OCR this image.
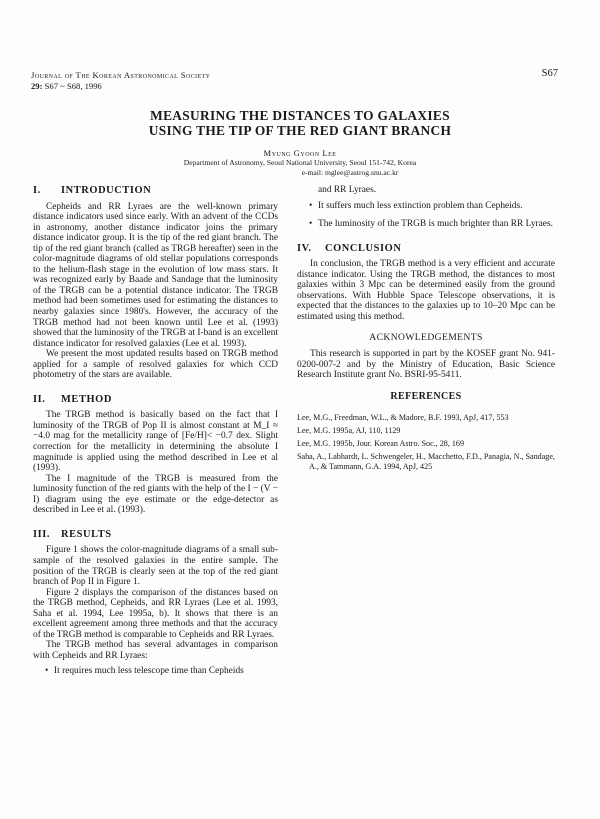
Journal of The Korean Astronomical Society
29: S67 ~ S68, 1996
S67
MEASURING THE DISTANCES TO GALAXIES
USING THE TIP OF THE RED GIANT BRANCH
Myung Gyoon Lee
Department of Astronomy, Seoul National University, Seoul 151-742, Korea
e-mail: mglee@astrog.snu.ac.kr
I. INTRODUCTION

Cepheids and RR Lyraes are the well-known primary distance indicators used since early. With an advent of the CCDs in astronomy, another distance indicator joins the primary distance indicator group. It is the tip of the red giant branch. The tip of the red giant branch (called as TRGB hereafter) seen in the color-magnitude diagrams of old stellar populations corresponds to the helium-flash stage in the evolution of low mass stars. It was recognized early by Baade and Sandage that the luminosity of the TRGB can be a potential distance indicator. The TRGB method had been sometimes used for estimating the distances to nearby galaxies since 1980's. However, the accuracy of the TRGB method had not been known until Lee et al. (1993) showed that the luminosity of the TRGB at I-band is an excellent distance indicator for resolved galaxies (Lee et al. 1993).

We present the most updated results based on TRGB method applied for a sample of resolved galaxies for which CCD photometry of the stars are available.

II. METHOD

The TRGB method is basically based on the fact that I luminosity of the TRGB of Pop II is almost constant at M_I ≈ −4.0 mag for the metallicity range of [Fe/H]< −0.7 dex. Slight correction for the metallicity in determining the absolute I magnitude is applied using the method described in Lee et al (1993).

The I magnitude of the TRGB is measured from the luminosity function of the red giants with the help of the I − (V − I) diagram using the eye estimate or the edge-detector as described in Lee et al. (1993).

III. RESULTS

Figure 1 shows the color-magnitude diagrams of a small sub-sample of the resolved galaxies in the entire sample. The position of the TRGB is clearly seen at the top of the red giant branch of Pop II in Figure 1.

Figure 2 displays the comparison of the distances based on the TRGB method, Cepheids, and RR Lyraes (Lee et al. 1993, Saha et al. 1994, Lee 1995a, b). It shows that there is an excellent agreement among three methods and that the accuracy of the TRGB method is comparable to Cepheids and RR Lyraes.

The TRGB method has several advantages in comparison with Cepheids and RR Lyraes:

• It requires much less telescope time than Cepheids

and RR Lyraes.

• It suffers much less extinction problem than Cepheids.
• The luminosity of the TRGB is much brighter than RR Lyraes.
IV. CONCLUSION

In conclusion, the TRGB method is a very efficient and accurate distance indicator. Using the TRGB method, the distances to most galaxies within 3 Mpc can be determined easily from the ground observations. With Hubble Space Telescope observations, it is expected that the distances to the galaxies up to 10–20 Mpc can be estimated using this method.

ACKNOWLEDGEMENTS

This research is supported in part by the KOSEF grant No. 941-0200-007-2 and by the Ministry of Education, Basic Science Research Institute grant No. BSRI-95-5411.

REFERENCES
Lee, M.G., Freedman, W.L., & Madore, B.F. 1993, ApJ, 417, 553
Lee, M.G. 1995a, AJ, 110, 1129
Lee, M.G. 1995b, Jour. Korean Astro. Soc., 28, 169
Saha, A., Labhardt, L. Schwengeler, H., Macchetto, F.D., Panagia, N., Sandage, A., & Tammann, G.A. 1994, ApJ, 425
